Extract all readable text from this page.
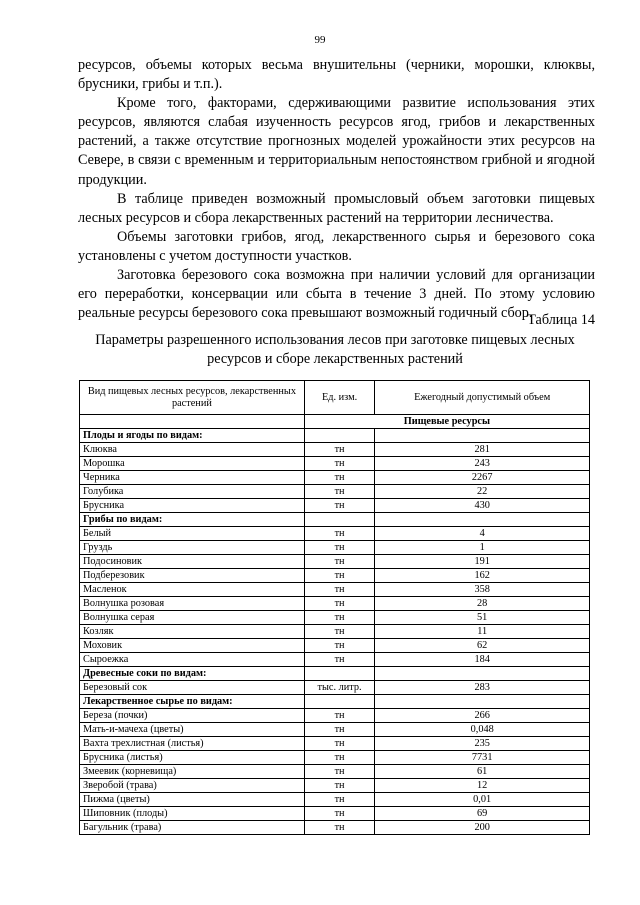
99

ресурсов, объемы которых весьма внушительны (черники, морошки, клюквы, брусники, грибы и т.п.).

Кроме того, факторами, сдерживающими развитие использования этих ресурсов, являются слабая изученность ресурсов ягод, грибов и лекарственных растений, а также отсутствие прогнозных моделей урожайности этих ресурсов на Севере, в связи с временным и территориальным непостоянством грибной и ягодной продукции.

В таблице приведен возможный промысловый объем заготовки пищевых лесных ресурсов и сбора лекарственных растений на территории лесничества.

Объемы заготовки грибов, ягод, лекарственного сырья и березового сока установлены с учетом доступности участков.

Заготовка березового сока возможна при наличии условий для организации его переработки, консервации или сбыта в течение 3 дней. По этому условию реальные ресурсы березового сока превышают возможный годичный сбор.

Таблица 14
Параметры разрешенного использования лесов при заготовке пищевых лесных ресурсов и сборе лекарственных растений
Вид пищевых лесных ресурсов, лекарственных растений	Ед. изм.	Ежегодный допустимый объем
	Пищевые ресурсы	
Плоды и ягоды по видам:		
Клюква	тн	281
Морошка	тн	243
Черника	тн	2267
Голубика	тн	22
Брусника	тн	430
Грибы по видам:		
Белый	тн	4
Груздь	тн	1
Подосиновик	тн	191
Подберезовик	тн	162
Масленок	тн	358
Волнушка розовая	тн	28
Волнушка серая	тн	51
Козляк	тн	11
Моховик	тн	62
Сыроежка	тн	184
Древесные соки по видам:		
Березовый сок	тыс. литр.	283
Лекарственное сырье по видам:		
Береза (почки)	тн	266
Мать-и-мачеха (цветы)	тн	0,048
Вахта трехлистная (листья)	тн	235
Брусника (листья)	тн	7731
Змеевик (корневища)	тн	61
Зверобой (трава)	тн	12
Пижма (цветы)	тн	0,01
Шиповник (плоды)	тн	69
Багульник (трава)	тн	200
